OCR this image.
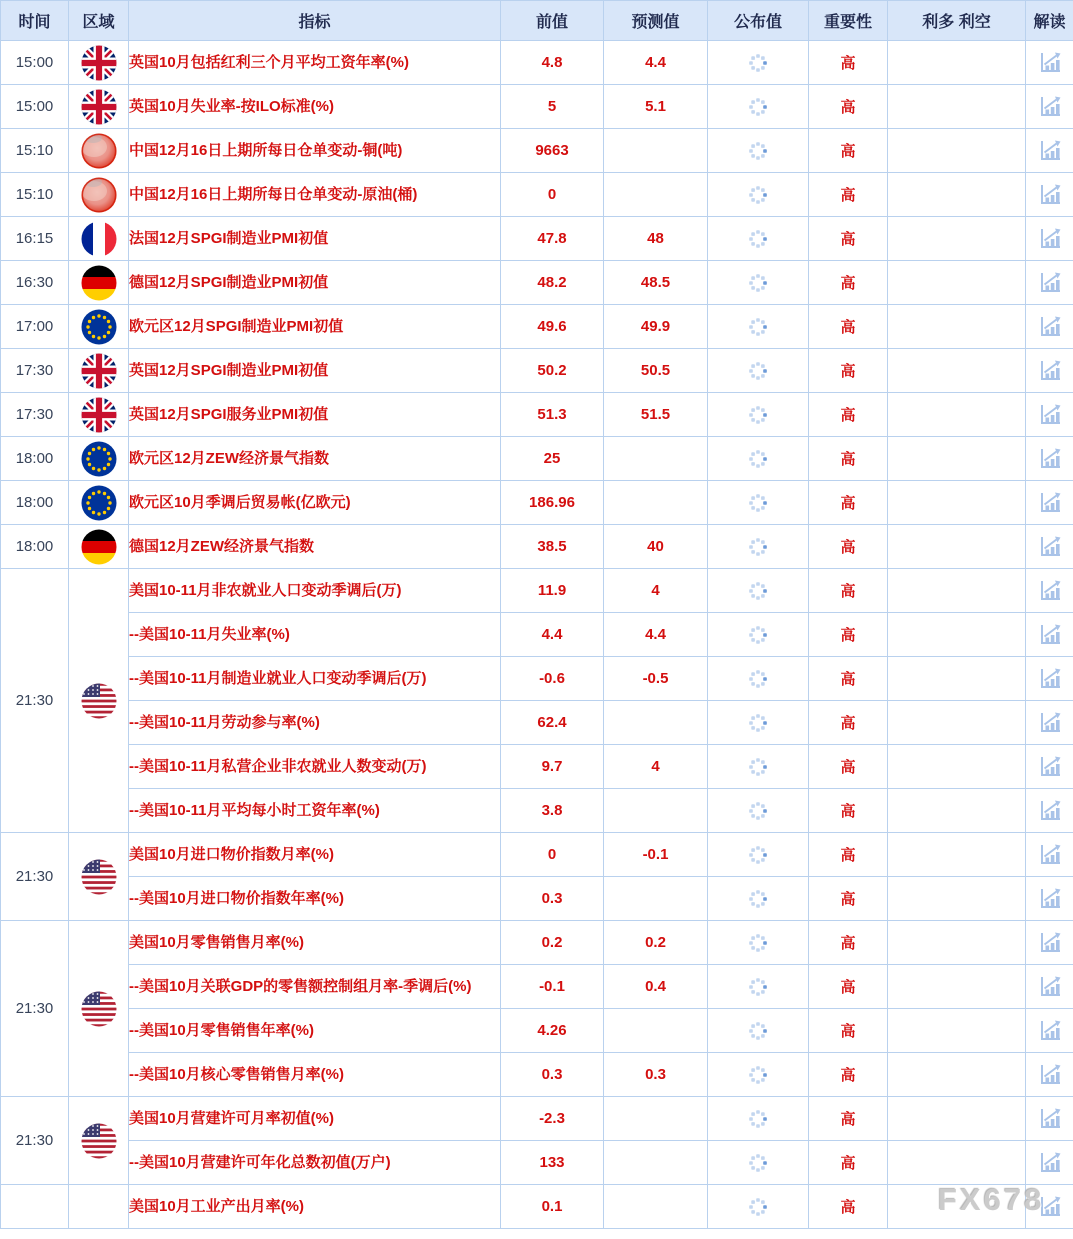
时间	区域	指标	前值	预测值	公布值	重要性	利多 利空	解读
15:00		英国10月包括红利三个月平均工资年率(%)	4.8	4.4		高		
15:00		英国10月失业率-按ILO标准(%)	5	5.1		高		
15:10		中国12月16日上期所每日仓单变动-铜(吨)	9663			高		
15:10		中国12月16日上期所每日仓单变动-原油(桶)	0			高		
16:15		法国12月SPGI制造业PMI初值	47.8	48		高		
16:30		德国12月SPGI制造业PMI初值	48.2	48.5		高		
17:00		欧元区12月SPGI制造业PMI初值	49.6	49.9		高		
17:30		英国12月SPGI制造业PMI初值	50.2	50.5		高		
17:30		英国12月SPGI服务业PMI初值	51.3	51.5		高		
18:00		欧元区12月ZEW经济景气指数	25			高		
18:00		欧元区10月季调后贸易帐(亿欧元)	186.96			高		
18:00		德国12月ZEW经济景气指数	38.5	40		高		
21:30		美国10-11月非农就业人口变动季调后(万)	11.9	4		高		
		--美国10-11月失业率(%)	4.4	4.4		高		
		--美国10-11月制造业就业人口变动季调后(万)	-0.6	-0.5		高		
		--美国10-11月劳动参与率(%)	62.4			高		
		--美国10-11月私营企业非农就业人数变动(万)	9.7	4		高		
		--美国10-11月平均每小时工资年率(%)	3.8			高		
21:30		美国10月进口物价指数月率(%)	0	-0.1		高		
		--美国10月进口物价指数年率(%)	0.3			高		
21:30		美国10月零售销售月率(%)	0.2	0.2		高		
		--美国10月关联GDP的零售额控制组月率-季调后(%)	-0.1	0.4		高		
		--美国10月零售销售年率(%)	4.26			高		
		--美国10月核心零售销售月率(%)	0.3	0.3		高		
21:30		美国10月营建许可月率初值(%)	-2.3			高		
		--美国10月营建许可年化总数初值(万户)	133			高		
		美国10月工业产出月率(%)	0.1			高			FX678
